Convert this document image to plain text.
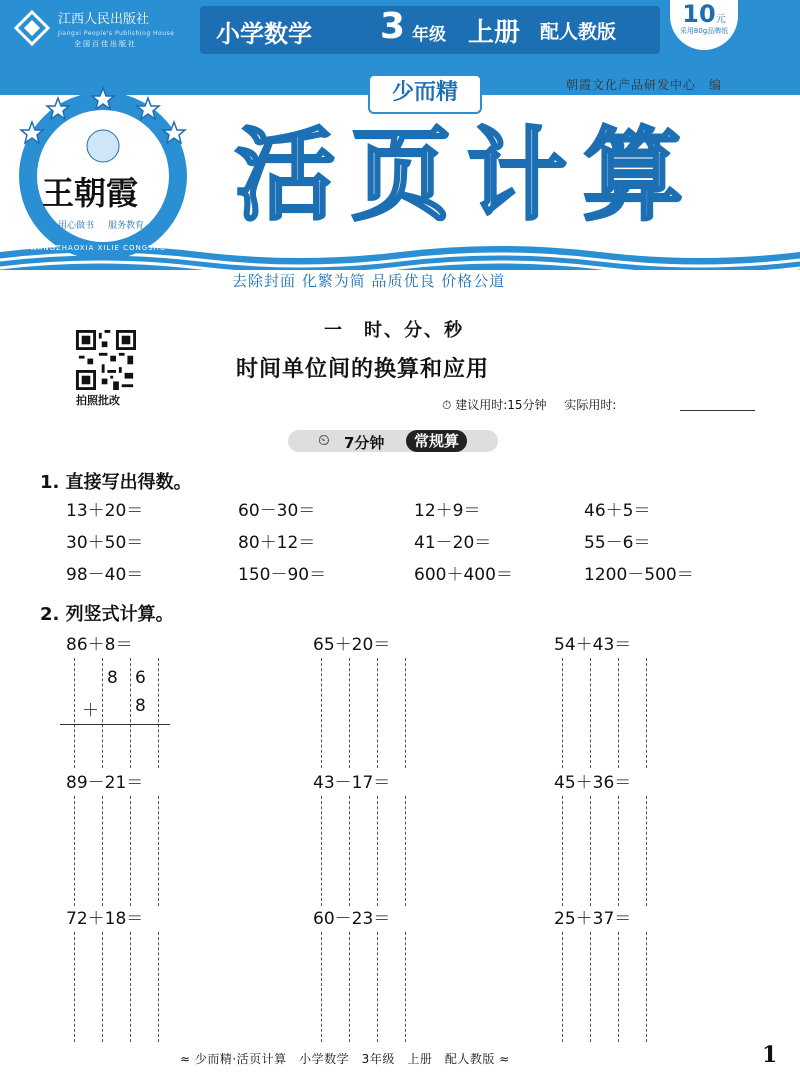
江西人民出版社
Jiangxi People's Publishing House
全国百佳出版社	小学数学 3 年级 上册 配人教版
10元
采用80g品牌纸
少而精	朝霞文化产品研发中心　编
活页计算
王朝霞
用心做书 服务教育
WANGZHAOXIA XILIE CONGSHU
去除封面 化繁为简 品质优良 价格公道
拍照批改
一　时、分、秒
时间单位间的换算和应用
⏱ 建议用时:15分钟 实际用时:
⏲ 7分钟	常规算
1. 直接写出得数。
13＋20＝	60－30＝	12＋9＝	46＋5＝
30＋50＝	80＋12＝	41－20＝	55－6＝
98－40＝	150－90＝	600＋400＝	1200－500＝
2. 列竖式计算。
86＋8＝	65＋20＝	54＋43＝
89－21＝	43－17＝	45＋36＝
72＋18＝	60－23＝	25＋37＝
8 6
＋ 8
≈ 少而精·活页计算　小学数学　3年级　上册　配人教版 ≈	1
